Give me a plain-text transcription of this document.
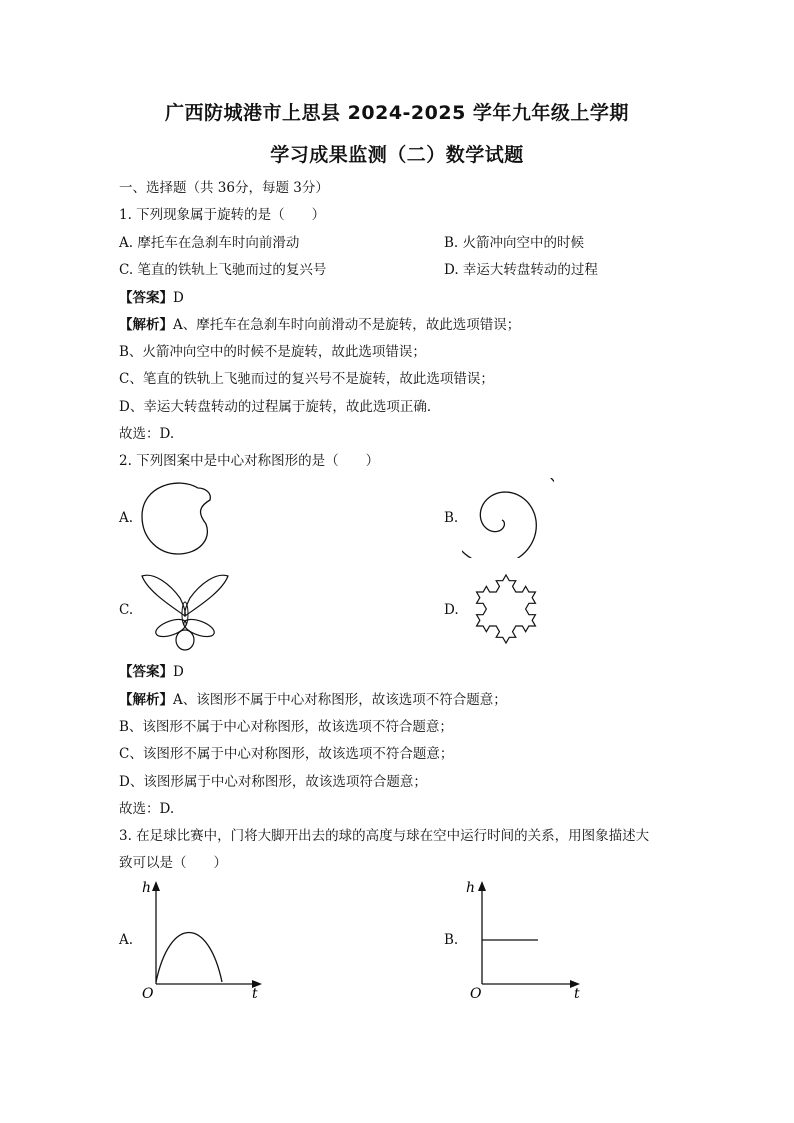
广西防城港市上思县 2024-2025 学年九年级上学期
学习成果监测（二）数学试题
一、选择题（共 36分，每题 3分）
1. 下列现象属于旋转的是（　　）
A. 摩托车在急刹车时向前滑动	B. 火箭冲向空中的时候
C. 笔直的铁轨上飞驰而过的复兴号	D. 幸运大转盘转动的过程
【答案】D
【解析】A、摩托车在急刹车时向前滑动不是旋转，故此选项错误；
B、火箭冲向空中的时候不是旋转，故此选项错误；
C、笔直的铁轨上飞驰而过的复兴号不是旋转，故此选项错误；
D、幸运大转盘转动的过程属于旋转，故此选项正确．
故选：D.
2. 下列图案中是中心对称图形的是（　　）
A.	B.
C.	D.
【答案】D
【解析】A、该图形不属于中心对称图形，故该选项不符合题意；
B、该图形不属于中心对称图形，故该选项不符合题意；
C、该图形不属于中心对称图形，故该选项不符合题意；
D、该图形属于中心对称图形，故该选项符合题意；
故选：D.
3. 在足球比赛中，门将大脚开出去的球的高度与球在空中运行时间的关系，用图象描述大
致可以是（　　）
A.
h
O	t
B.
h
O	t
